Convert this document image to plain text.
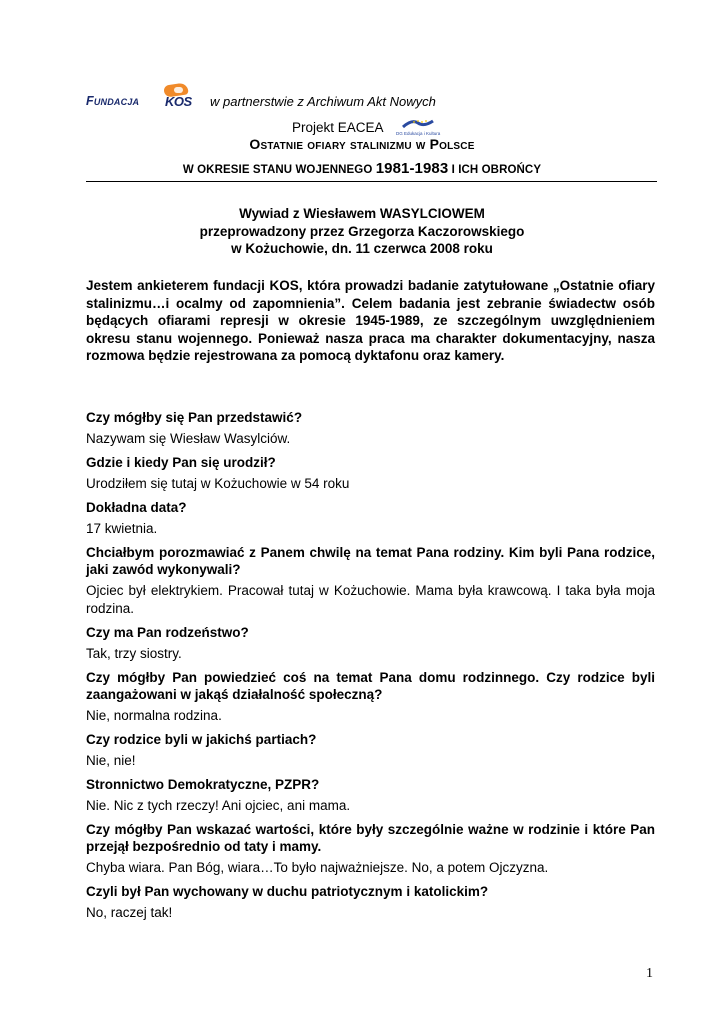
Fundacja KOS w partnerstwie z Archiwum Akt Nowych
Projekt EACEA	DG Edukacja i Kultura
Ostatnie ofiary stalinizmu w Polsce
W OKRESIE STANU WOJENNEGO 1981-1983 I ICH OBROŃCY
Wywiad z Wiesławem WASYLCIOWEM
przeprowadzony przez Grzegorza Kaczorowskiego
w Kożuchowie, dn. 11 czerwca 2008 roku
Jestem ankieterem fundacji KOS, która prowadzi badanie zatytułowane „Ostatnie ofiary stalinizmu…i ocalmy od zapomnienia”. Celem badania jest zebranie świadectw osób będących ofiarami represji w okresie 1945-1989, ze szczególnym uwzględnieniem okresu stanu wojennego. Ponieważ nasza praca ma charakter dokumentacyjny, nasza rozmowa będzie rejestrowana za pomocą dyktafonu oraz kamery.

Czy mógłby się Pan przedstawić?

Nazywam się Wiesław Wasylciów.

Gdzie i kiedy Pan się urodził?

Urodziłem się tutaj w Kożuchowie w 54 roku

Dokładna data?

17 kwietnia.

Chciałbym porozmawiać z Panem chwilę na temat Pana rodziny. Kim byli Pana rodzice, jaki zawód wykonywali?

Ojciec był elektrykiem. Pracował tutaj w Kożuchowie. Mama była krawcową. I taka była moja rodzina.

Czy ma Pan rodzeństwo?

Tak, trzy siostry.

Czy mógłby Pan powiedzieć coś na temat Pana domu rodzinnego. Czy rodzice byli zaangażowani w jakąś działalność społeczną?

Nie, normalna rodzina.

Czy rodzice byli w jakichś partiach?

Nie, nie!

Stronnictwo Demokratyczne, PZPR?

Nie. Nic z tych rzeczy! Ani ojciec, ani mama.

Czy mógłby Pan wskazać wartości, które były szczególnie ważne w rodzinie i które Pan przejął bezpośrednio od taty i mamy.

Chyba wiara. Pan Bóg, wiara…To było najważniejsze. No, a potem Ojczyzna.

Czyli był Pan wychowany w duchu patriotycznym i katolickim?

No, raczej tak!

1
